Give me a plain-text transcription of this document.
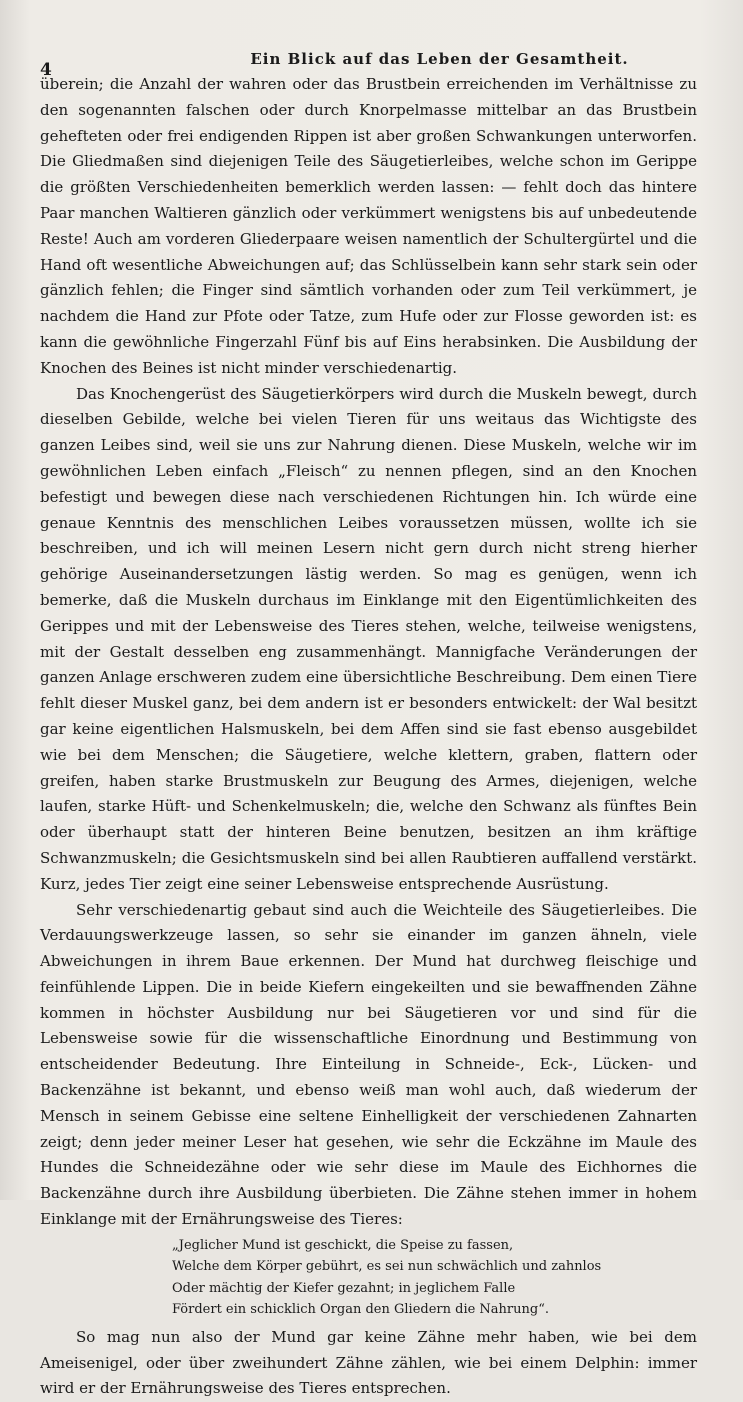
4
Ein Blick auf das Leben der Gesamtheit.

überein; die Anzahl der wahren oder das Brustbein erreichenden im Verhältnisse zu den sogenannten falschen oder durch Knorpelmasse mittelbar an das Brustbein gehefteten oder frei endigenden Rippen ist aber großen Schwankungen unterworfen. Die Gliedmaßen sind diejenigen Teile des Säugetierleibes, welche schon im Gerippe die größten Verschiedenheiten bemerklich werden lassen: — fehlt doch das hintere Paar manchen Waltieren gänzlich oder verkümmert wenigstens bis auf unbedeutende Reste! Auch am vorderen Gliederpaare weisen namentlich der Schultergürtel und die Hand oft wesentliche Abweichungen auf; das Schlüsselbein kann sehr stark sein oder gänzlich fehlen; die Finger sind sämtlich vorhanden oder zum Teil verkümmert, je nachdem die Hand zur Pfote oder Tatze, zum Hufe oder zur Flosse geworden ist: es kann die gewöhnliche Fingerzahl Fünf bis auf Eins herabsinken. Die Ausbildung der Knochen des Beines ist nicht minder verschiedenartig.

Das Knochengerüst des Säugetierkörpers wird durch die Muskeln bewegt, durch dieselben Gebilde, welche bei vielen Tieren für uns weitaus das Wichtigste des ganzen Leibes sind, weil sie uns zur Nahrung dienen. Diese Muskeln, welche wir im gewöhnlichen Leben einfach „Fleisch“ zu nennen pflegen, sind an den Knochen befestigt und bewegen diese nach verschiedenen Richtungen hin. Ich würde eine genaue Kenntnis des menschlichen Leibes voraussetzen müssen, wollte ich sie beschreiben, und ich will meinen Lesern nicht gern durch nicht streng hierher gehörige Auseinandersetzungen lästig werden. So mag es genügen, wenn ich bemerke, daß die Muskeln durchaus im Einklange mit den Eigentümlichkeiten des Gerippes und mit der Lebensweise des Tieres stehen, welche, teilweise wenigstens, mit der Gestalt desselben eng zusammenhängt. Mannigfache Veränderungen der ganzen Anlage erschweren zudem eine übersichtliche Beschreibung. Dem einen Tiere fehlt dieser Muskel ganz, bei dem andern ist er besonders entwickelt: der Wal besitzt gar keine eigentlichen Halsmuskeln, bei dem Affen sind sie fast ebenso ausgebildet wie bei dem Menschen; die Säugetiere, welche klettern, graben, flattern oder greifen, haben starke Brustmuskeln zur Beugung des Armes, diejenigen, welche laufen, starke Hüft- und Schenkelmuskeln; die, welche den Schwanz als fünftes Bein oder überhaupt statt der hinteren Beine benutzen, besitzen an ihm kräftige Schwanzmuskeln; die Gesichtsmuskeln sind bei allen Raubtieren auffallend verstärkt. Kurz, jedes Tier zeigt eine seiner Lebensweise entsprechende Ausrüstung.

Sehr verschiedenartig gebaut sind auch die Weichteile des Säugetierleibes. Die Verdauungswerkzeuge lassen, so sehr sie einander im ganzen ähneln, viele Abweichungen in ihrem Baue erkennen. Der Mund hat durchweg fleischige und feinfühlende Lippen. Die in beide Kiefern eingekeilten und sie bewaffnenden Zähne kommen in höchster Ausbildung nur bei Säugetieren vor und sind für die Lebensweise sowie für die wissenschaftliche Einordnung und Bestimmung von entscheidender Bedeutung. Ihre Einteilung in Schneide-, Eck-, Lücken- und Backenzähne ist bekannt, und ebenso weiß man wohl auch, daß wiederum der Mensch in seinem Gebisse eine seltene Einhelligkeit der verschiedenen Zahnarten zeigt; denn jeder meiner Leser hat gesehen, wie sehr die Eckzähne im Maule des Hundes die Schneidezähne oder wie sehr diese im Maule des Eichhornes die Backenzähne durch ihre Ausbildung überbieten. Die Zähne stehen immer in hohem Einklange mit der Ernährungsweise des Tieres:

„Jeglicher Mund ist geschickt, die Speise zu fassen,
Welche dem Körper gebührt, es sei nun schwächlich und zahnlos
Oder mächtig der Kiefer gezahnt; in jeglichem Falle
Fördert ein schicklich Organ den Gliedern die Nahrung“.

So mag nun also der Mund gar keine Zähne mehr haben, wie bei dem Ameisenigel, oder über zweihundert Zähne zählen, wie bei einem Delphin: immer wird er der Ernährungsweise des Tieres entsprechen.
